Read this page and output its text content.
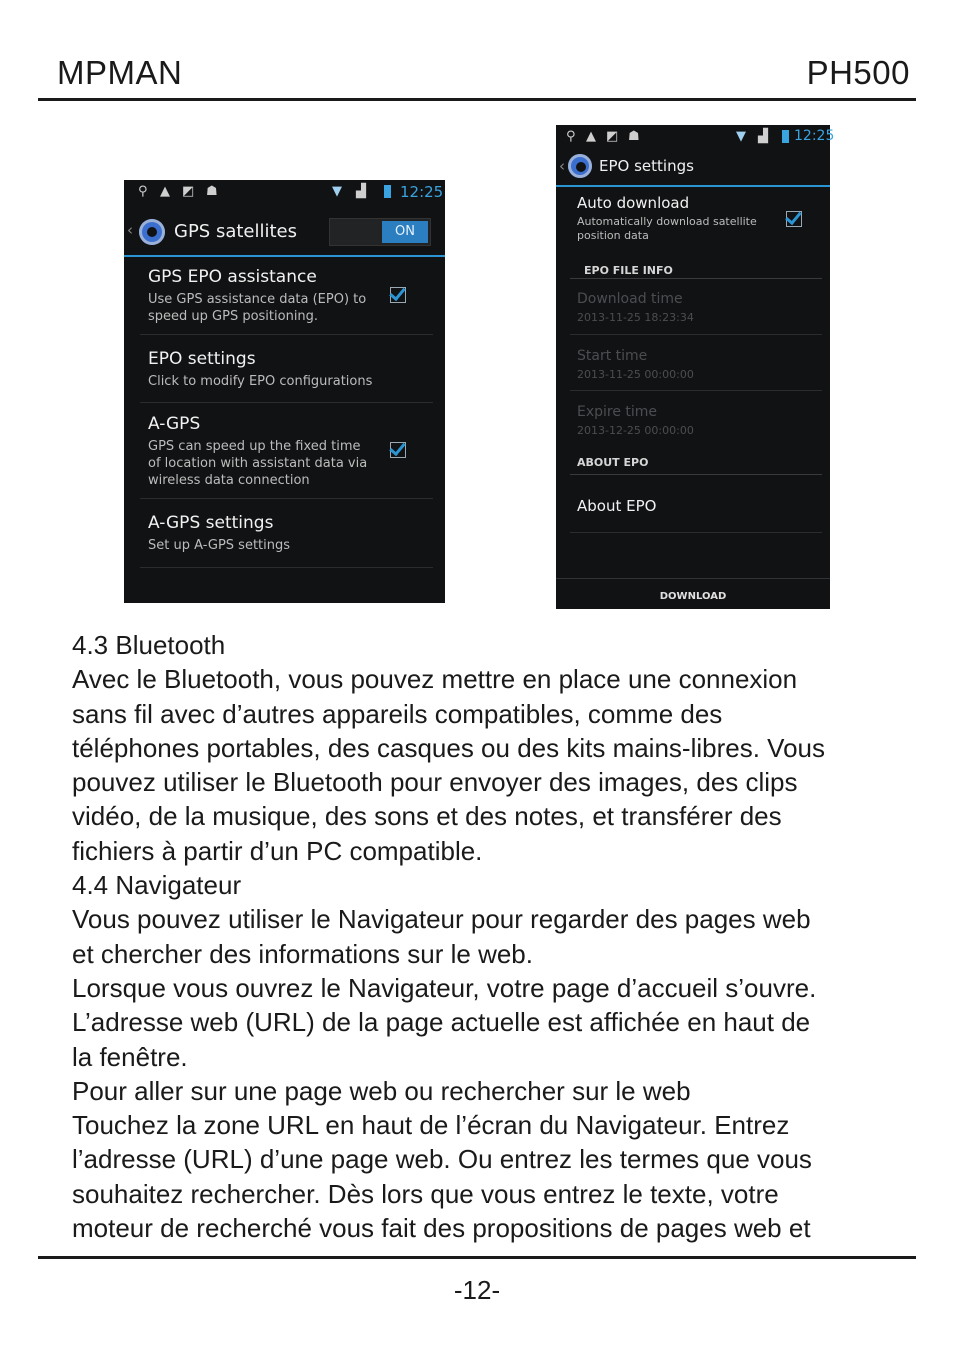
MPMAN	PH500
⚲ ▲ ◩ ☗	▼ ▟ 12:25
‹ GPS satellites	ON
GPS EPO assistance
Use GPS assistance data (EPO) to speed up GPS positioning.
EPO settings
Click to modify EPO configurations
A-GPS
GPS can speed up the fixed time of location with assistant data via wireless data connection
A-GPS settings
Set up A-GPS settings
⚲ ▲ ◩ ☗	▼ ▟ 12:25
‹ EPO settings
Auto download
Automatically download satellite position data
EPO FILE INFO
Download time
2013-11-25 18:23:34
Start time
2013-11-25 00:00:00
Expire time
2013-12-25 00:00:00
ABOUT EPO
About EPO
DOWNLOAD

4.3 Bluetooth

Avec le Bluetooth, vous pouvez mettre en place une connexion

sans fil avec d’autres appareils compatibles, comme des

téléphones portables, des casques ou des kits mains-libres. Vous

pouvez utiliser le Bluetooth pour envoyer des images, des clips

vidéo, de la musique, des sons et des notes, et transférer des

fichiers à partir d’un PC compatible.

4.4 Navigateur

Vous pouvez utiliser le Navigateur pour regarder des pages web

et chercher des informations sur le web.

Lorsque vous ouvrez le Navigateur, votre page d’accueil s’ouvre.

L’adresse web (URL) de la page actuelle est affichée en haut de

la fenêtre.

Pour aller sur une page web ou rechercher sur le web

Touchez la zone URL en haut de l’écran du Navigateur. Entrez

l’adresse (URL) d’une page web. Ou entrez les termes que vous

souhaitez rechercher. Dès lors que vous entrez le texte, votre

moteur de recherché vous fait des propositions de pages web et

-12-
